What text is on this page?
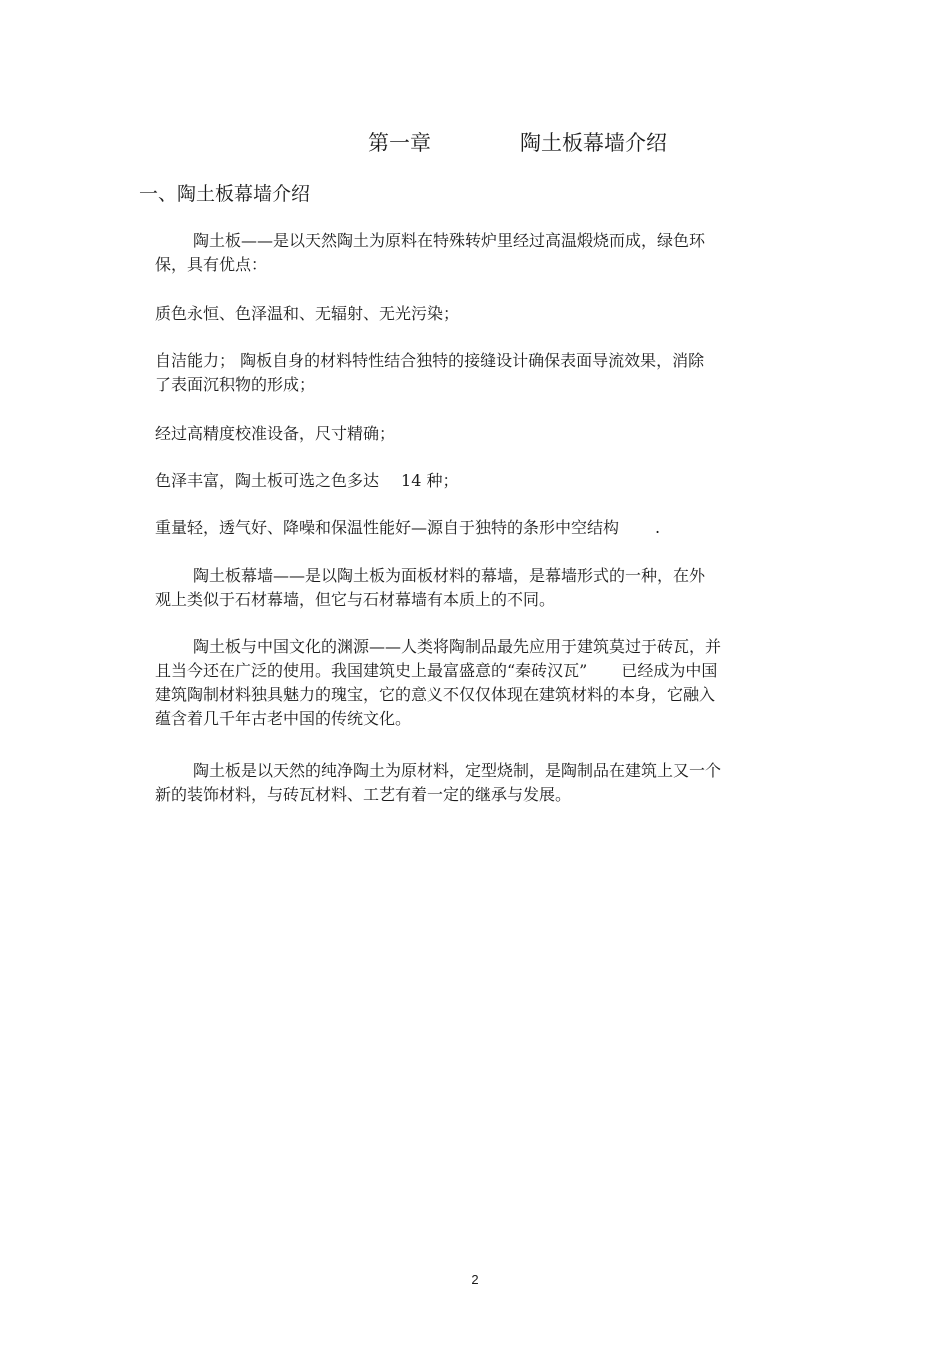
第一章	陶土板幕墙介绍
一、陶土板幕墙介绍
陶土板——是以天然陶土为原料在特殊转炉里经过高温煅烧而成，绿色环
保，具有优点：
质色永恒、色泽温和、无辐射、无光污染；
自洁能力； 陶板自身的材料特性结合独特的接缝设计确保表面导流效果，消除
了表面沉积物的形成；
经过高精度校准设备，尺寸精确；
色泽丰富，陶土板可选之色多达 14 种；
重量轻，透气好、降噪和保温性能好—源自于独特的条形中空结构 .
陶土板幕墙——是以陶土板为面板材料的幕墙，是幕墙形式的一种，在外
观上类似于石材幕墙，但它与石材幕墙有本质上的不同。
陶土板与中国文化的渊源——人类将陶制品最先应用于建筑莫过于砖瓦，并
且当今还在广泛的使用。我国建筑史上最富盛意的“秦砖汉瓦” 已经成为中国
建筑陶制材料独具魅力的瑰宝，它的意义不仅仅体现在建筑材料的本身，它融入
蕴含着几千年古老中国的传统文化。
陶土板是以天然的纯净陶土为原材料，定型烧制，是陶制品在建筑上又一个
新的装饰材料，与砖瓦材料、工艺有着一定的继承与发展。
2
